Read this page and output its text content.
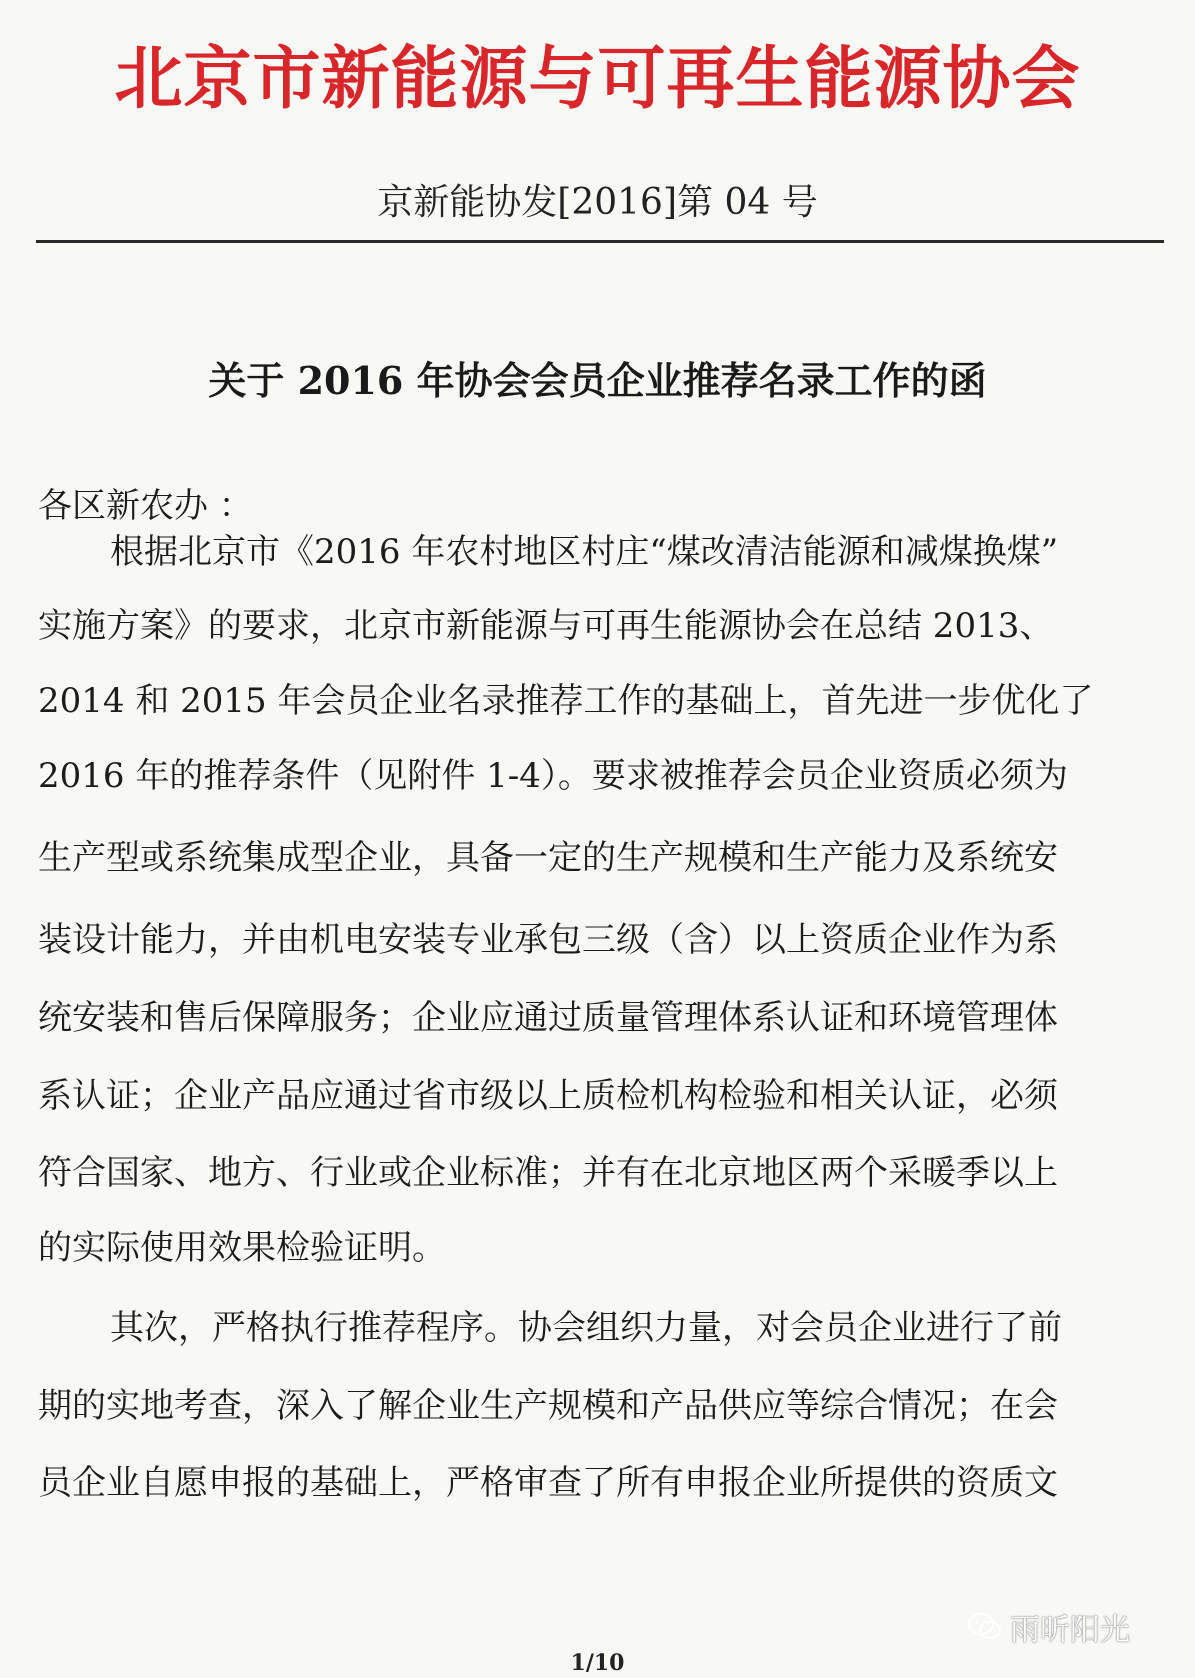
北京市新能源与可再生能源协会
京新能协发[2016]第 04 号
关于 2016 年协会会员企业推荐名录工作的函
各区新农办 ：
根据北京市《2016 年农村地区村庄“煤改清洁能源和减煤换煤”
实施方案》的要求，北京市新能源与可再生能源协会在总结 2013、
2014 和 2015 年会员企业名录推荐工作的基础上，首先进一步优化了
2016 年的推荐条件（见附件 1-4）。要求被推荐会员企业资质必须为
生产型或系统集成型企业，具备一定的生产规模和生产能力及系统安
装设计能力，并由机电安装专业承包三级（含）以上资质企业作为系
统安装和售后保障服务；企业应通过质量管理体系认证和环境管理体
系认证；企业产品应通过省市级以上质检机构检验和相关认证，必须
符合国家、地方、行业或企业标准；并有在北京地区两个采暖季以上
的实际使用效果检验证明。
其次，严格执行推荐程序。协会组织力量，对会员企业进行了前
期的实地考查，深入了解企业生产规模和产品供应等综合情况；在会
员企业自愿申报的基础上，严格审查了所有申报企业所提供的资质文
1/10
雨昕阳光
